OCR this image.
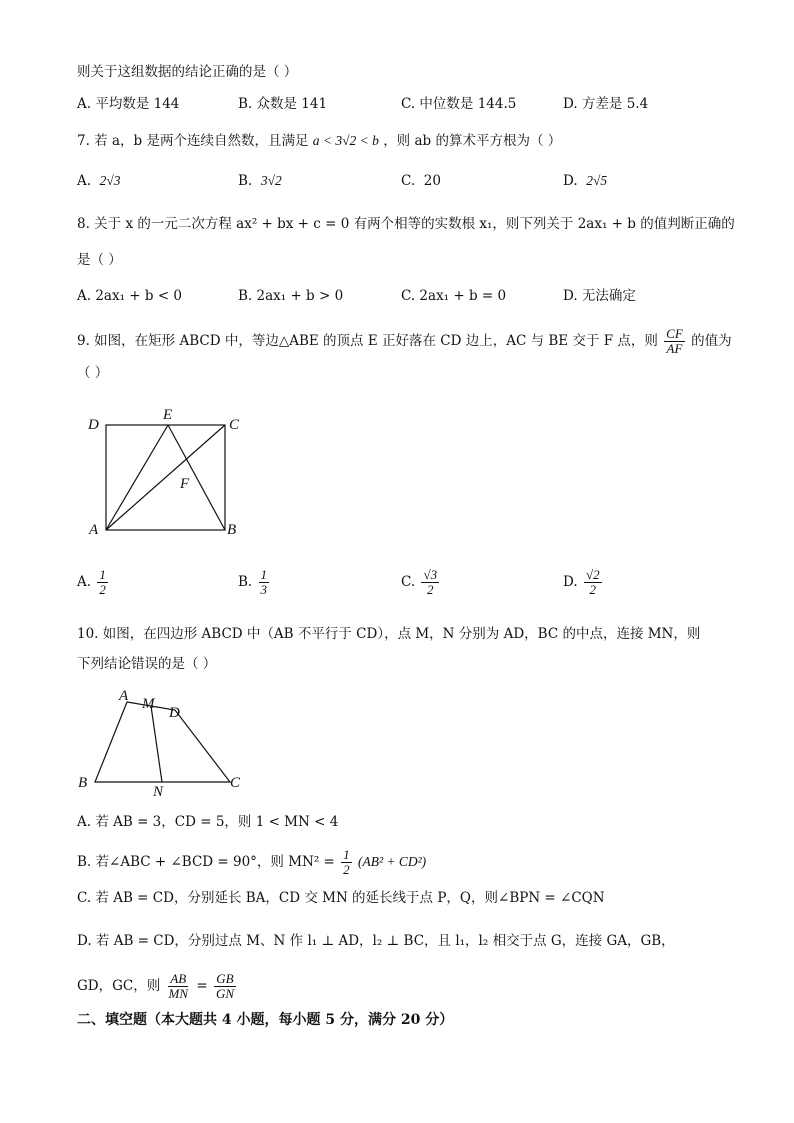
则关于这组数据的结论正确的是（ ）
A. 平均数是 144	B. 众数是 141	C. 中位数是 144.5	D. 方差是 5.4
7. 若 a，b 是两个连续自然数，且满足 a < 3√2 < b ，则 ab 的算术平方根为（ ）
A. 2√3	B. 3√2	C. 20	D. 2√5
8. 关于 x 的一元二次方程 ax² + bx + c = 0 有两个相等的实数根 x₁，则下列关于 2ax₁ + b 的值判断正确的
是（ ）
A. 2ax₁ + b < 0	B. 2ax₁ + b > 0	C. 2ax₁ + b = 0	D. 无法确定
9. 如图，在矩形 ABCD 中，等边△ABE 的顶点 E 正好落在 CD 边上，AC 与 BE 交于 F 点，则 $\frac{CF}{AF}$ 的值为
（ ）
D
E
C
F
A	B
A. $\frac{1}{2}$	B. $\frac{1}{3}$	C. $\frac{√3}{2}$	D. $\frac{√2}{2}$
10. 如图，在四边形 ABCD 中（AB 不平行于 CD），点 M，N 分别为 AD，BC 的中点，连接 MN，则
下列结论错误的是（ ）
A M
D
B
N
C
A. 若 AB = 3，CD = 5，则 1 < MN < 4
B. 若∠ABC + ∠BCD = 90°，则 $MN^2 = \frac{1}{2} (AB^2 + CD^2)$
C. 若 AB = CD，分别延长 BA，CD 交 MN 的延长线于点 P，Q，则∠BPN = ∠CQN
D. 若 AB = CD，分别过点 M、N 作 l₁ ⊥ AD，l₂ ⊥ BC，且 l₁，l₂ 相交于点 G，连接 GA，GB，
GD，GC，则 $\frac{AB}{MN} = \frac{GB}{GN}$
二、填空题（本大题共 4 小题，每小题 5 分，满分 20 分）
